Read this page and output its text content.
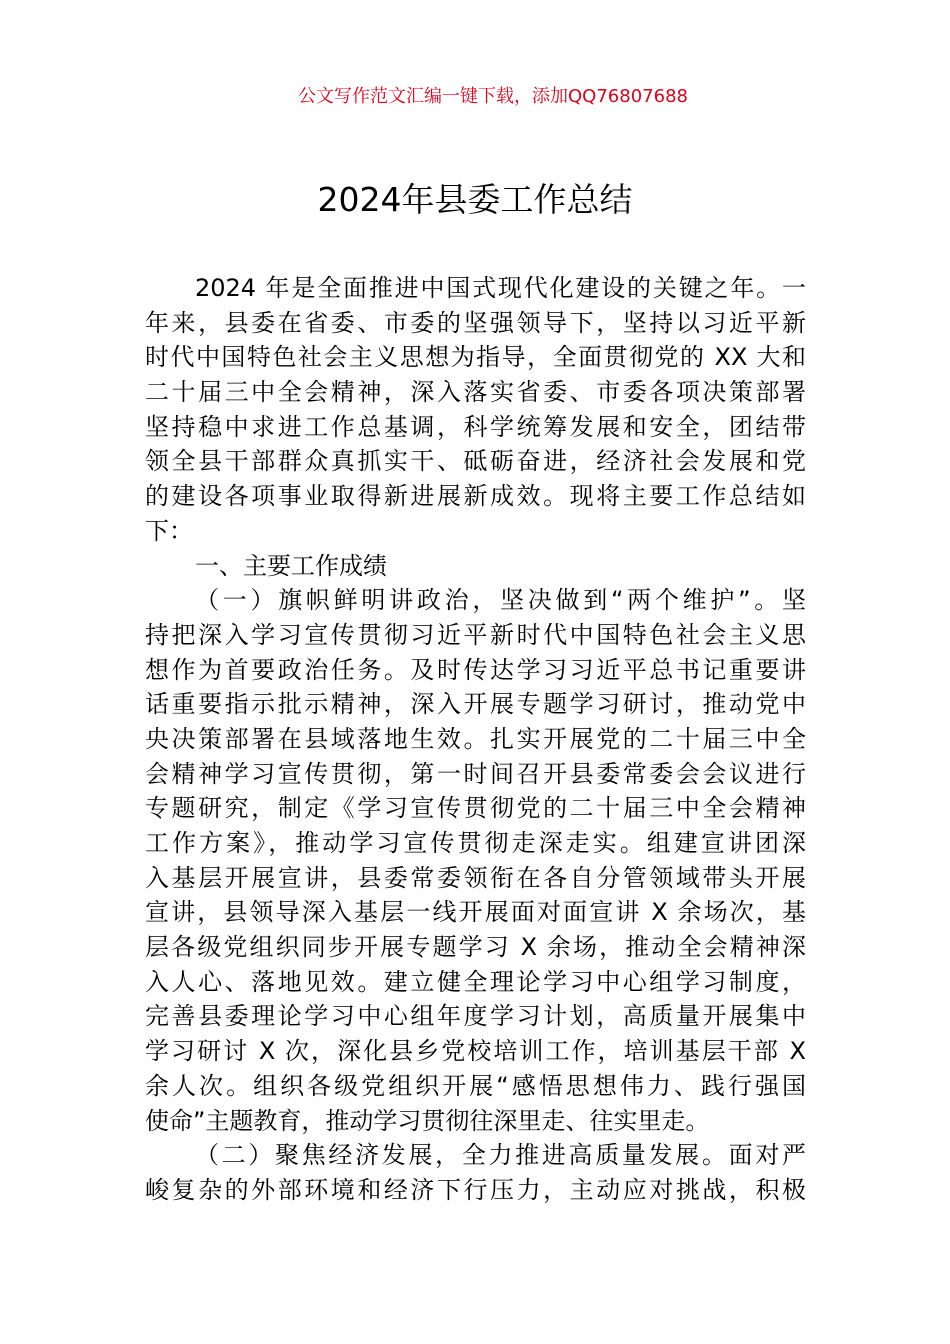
公文写作范文汇编一键下载，添加QQ76807688
2024年县委工作总结
2024 年是全面推进中国式现代化建设的关键之年。一
年来，县委在省委、市委的坚强领导下，坚持以习近平新
时代中国特色社会主义思想为指导，全面贯彻党的 XX 大和
二十届三中全会精神，深入落实省委、市委各项决策部署
坚持稳中求进工作总基调，科学统筹发展和安全，团结带
领全县干部群众真抓实干、砥砺奋进，经济社会发展和党
的建设各项事业取得新进展新成效。现将主要工作总结如
下：
一、主要工作成绩
（一）旗帜鲜明讲政治，坚决做到“两个维护”。坚
持把深入学习宣传贯彻习近平新时代中国特色社会主义思
想作为首要政治任务。及时传达学习习近平总书记重要讲
话重要指示批示精神，深入开展专题学习研讨，推动党中
央决策部署在县域落地生效。扎实开展党的二十届三中全
会精神学习宣传贯彻，第一时间召开县委常委会会议进行
专题研究，制定《学习宣传贯彻党的二十届三中全会精神
工作方案》，推动学习宣传贯彻走深走实。组建宣讲团深
入基层开展宣讲，县委常委领衔在各自分管领域带头开展
宣讲，县领导深入基层一线开展面对面宣讲 X 余场次，基
层各级党组织同步开展专题学习 X 余场，推动全会精神深
入人心、落地见效。建立健全理论学习中心组学习制度，
完善县委理论学习中心组年度学习计划，高质量开展集中
学习研讨 X 次，深化县乡党校培训工作，培训基层干部 X
余人次。组织各级党组织开展“感悟思想伟力、践行强国
使命”主题教育，推动学习贯彻往深里走、往实里走。
（二）聚焦经济发展，全力推进高质量发展。面对严
峻复杂的外部环境和经济下行压力，主动应对挑战，积极
